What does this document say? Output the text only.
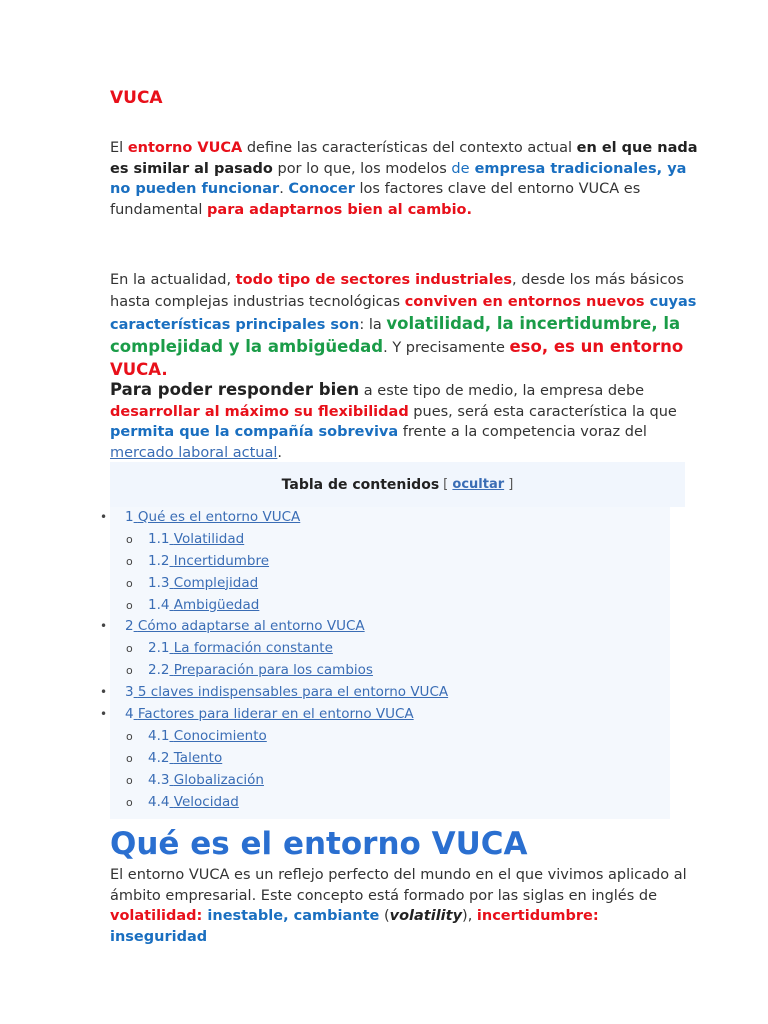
VUCA

El entorno VUCA define las características del contexto actual en el que nada es similar al pasado por lo que, los modelos de empresa tradicionales, ya no pueden funcionar. Conocer los factores clave del entorno VUCA es fundamental para adaptarnos bien al cambio.

En la actualidad, todo tipo de sectores industriales, desde los más básicos hasta complejas industrias tecnológicas conviven en entornos nuevos cuyas características principales son: la volatilidad, la incertidumbre, la complejidad y la ambigüedad. Y precisamente eso, es un entorno VUCA.

Para poder responder bien a este tipo de medio, la empresa debe desarrollar al máximo su flexibilidad pues, será esta característica la que permita que la compañía sobreviva frente a la competencia voraz del mercado laboral actual.

Tabla de contenidos [ ocultar ]
• 1 Qué es el entorno VUCA
o 1.1 Volatilidad
o 1.2 Incertidumbre
o 1.3 Complejidad
o 1.4 Ambigüedad
• 2 Cómo adaptarse al entorno VUCA
o 2.1 La formación constante
o 2.2 Preparación para los cambios
• 3 5 claves indispensables para el entorno VUCA
• 4 Factores para liderar en el entorno VUCA
o 4.1 Conocimiento
o 4.2 Talento
o 4.3 Globalización
o 4.4 Velocidad
Qué es el entorno VUCA

El entorno VUCA es un reflejo perfecto del mundo en el que vivimos aplicado al ámbito empresarial. Este concepto está formado por las siglas en inglés de volatilidad: inestable, cambiante (volatility), incertidumbre: inseguridad
